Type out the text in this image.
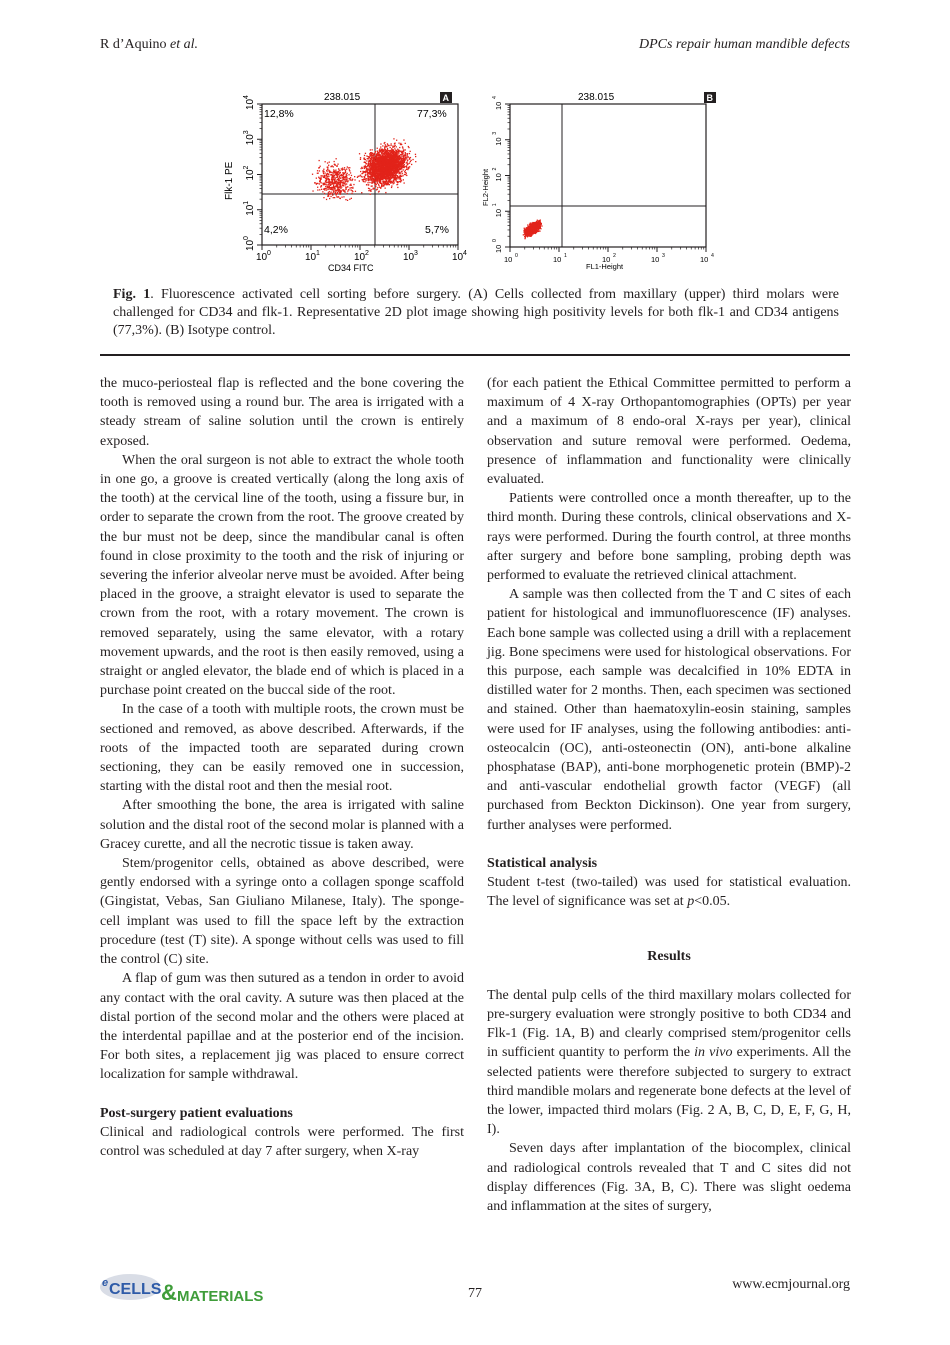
R d’Aquino et al.	DPCs repair human mandible defects
238.015	A
12,8%	77,3%
4,2%	5,7%
10 0
10
0
10 1
10
1
10 2
10
2
10 3
10
3
10 4
10
4
CD34 FITC
Flk-1 PE
238.015	B
10 0
10
0
10 1
10
1
10 2
10
2
10 3
10
3
10 4
10
4
FL1-Height
FL2-Height
Fig. 1. Fluorescence activated cell sorting before surgery. (A) Cells collected from maxillary (upper) third molars were challenged for CD34 and flk-1. Representative 2D plot image showing high positivity levels for both flk-1 and CD34 antigens (77,3%). (B) Isotype control.

the muco-periosteal flap is reflected and the bone covering the tooth is removed using a round bur. The area is irrigated with a steady stream of saline solution until the crown is entirely exposed.

When the oral surgeon is not able to extract the whole tooth in one go, a groove is created vertically (along the long axis of the tooth) at the cervical line of the tooth, using a fissure bur, in order to separate the crown from the root. The groove created by the bur must not be deep, since the mandibular canal is often found in close proximity to the tooth and the risk of injuring or severing the inferior alveolar nerve must be avoided. After being placed in the groove, a straight elevator is used to separate the crown from the root, with a rotary movement. The crown is removed separately, using the same elevator, with a rotary movement upwards, and the root is then easily removed, using a straight or angled elevator, the blade end of which is placed in a purchase point created on the buccal side of the root.

In the case of a tooth with multiple roots, the crown must be sectioned and removed, as above described. Afterwards, if the roots of the impacted tooth are separated during crown sectioning, they can be easily removed one in succession, starting with the distal root and then the mesial root.

After smoothing the bone, the area is irrigated with saline solution and the distal root of the second molar is planned with a Gracey curette, and all the necrotic tissue is taken away.

Stem/progenitor cells, obtained as above described, were gently endorsed with a syringe onto a collagen sponge scaffold (Gingistat, Vebas, San Giuliano Milanese, Italy). The sponge-cell implant was used to fill the space left by the extraction procedure (test (T) site). A sponge without cells was used to fill the control (C) site.

A flap of gum was then sutured as a tendon in order to avoid any contact with the oral cavity. A suture was then placed at the distal portion of the second molar and the others were placed at the interdental papillae and at the posterior end of the incision. For both sites, a replacement jig was placed to ensure correct localization for sample withdrawal.

Post-surgery patient evaluations

Clinical and radiological controls were performed. The first control was scheduled at day 7 after surgery, when X-ray

(for each patient the Ethical Committee permitted to perform a maximum of 4 X-ray Orthopantomographies (OPTs) per year and a maximum of 8 endo-oral X-rays per year), clinical observation and suture removal were performed. Oedema, presence of inflammation and functionality were clinically evaluated.

Patients were controlled once a month thereafter, up to the third month. During these controls, clinical observations and X-rays were performed. During the fourth control, at three months after surgery and before bone sampling, probing depth was performed to evaluate the retrieved clinical attachment.

A sample was then collected from the T and C sites of each patient for histological and immunofluorescence (IF) analyses. Each bone sample was collected using a drill with a replacement jig. Bone specimens were used for histological observations. For this purpose, each sample was decalcified in 10% EDTA in distilled water for 2 months. Then, each specimen was sectioned and stained. Other than haematoxylin-eosin staining, samples were used for IF analyses, using the following antibodies: anti-osteocalcin (OC), anti-osteonectin (ON), anti-bone alkaline phosphatase (BAP), anti-bone morphogenetic protein (BMP)-2 and anti-vascular endothelial growth factor (VEGF) (all purchased from Beckton Dickinson). One year from surgery, further analyses were performed.

Statistical analysis

Student t-test (two-tailed) was used for statistical evaluation. The level of significance was set at p<0.05.

Results

The dental pulp cells of the third maxillary molars collected for pre-surgery evaluation were strongly positive to both CD34 and Flk-1 (Fig. 1A, B) and clearly comprised stem/progenitor cells in sufficient quantity to perform the in vivo experiments. All the selected patients were therefore subjected to surgery to extract third mandible molars and regenerate bone defects at the level of the lower, impacted third molars (Fig. 2 A, B, C, D, E, F, G, H, I).

Seven days after implantation of the biocomplex, clinical and radiological controls revealed that T and C sites did not display differences (Fig. 3A, B, C). There was slight oedema and inflammation at the sites of surgery,

e CELLS & MATERIALS	77
www.ecmjournal.org
